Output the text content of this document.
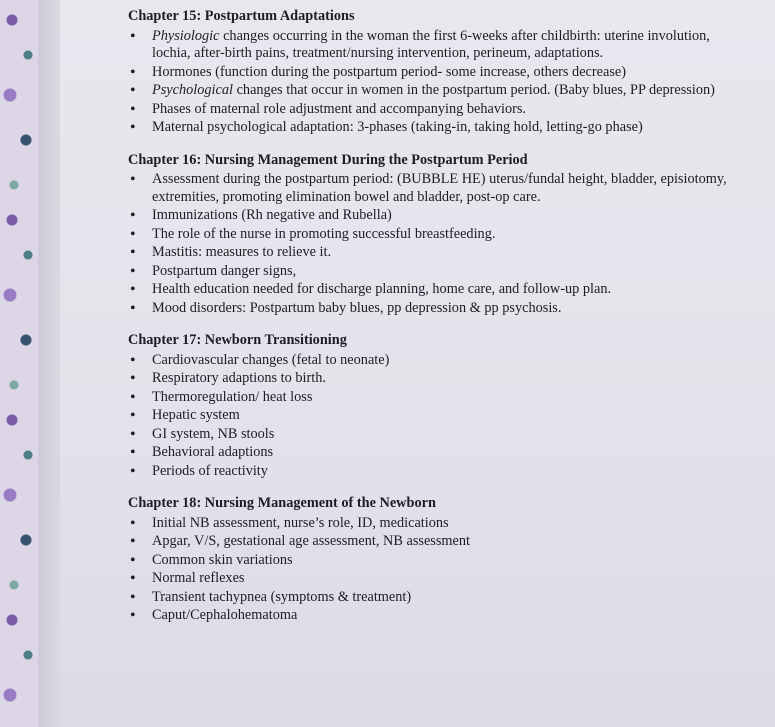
Chapter 15: Postpartum Adaptations
• Physiologic changes occurring in the woman the first 6-weeks after childbirth: uterine involution, lochia, after-birth pains, treatment/nursing intervention, perineum, adaptations.
• Hormones (function during the postpartum period- some increase, others decrease)
• Psychological changes that occur in women in the postpartum period. (Baby blues, PP depression)
• Phases of maternal role adjustment and accompanying behaviors.
• Maternal psychological adaptation: 3-phases (taking-in, taking hold, letting-go phase)
Chapter 16: Nursing Management During the Postpartum Period
• Assessment during the postpartum period: (BUBBLE HE) uterus/fundal height, bladder, episiotomy, extremities, promoting elimination bowel and bladder, post-op care.
• Immunizations (Rh negative and Rubella)
• The role of the nurse in promoting successful breastfeeding.
• Mastitis: measures to relieve it.
• Postpartum danger signs,
• Health education needed for discharge planning, home care, and follow-up plan.
• Mood disorders: Postpartum baby blues, pp depression & pp psychosis.
Chapter 17: Newborn Transitioning
• Cardiovascular changes (fetal to neonate)
• Respiratory adaptions to birth.
• Thermoregulation/ heat loss
• Hepatic system
• GI system, NB stools
• Behavioral adaptions
• Periods of reactivity
Chapter 18: Nursing Management of the Newborn
• Initial NB assessment, nurse’s role, ID, medications
• Apgar, V/S, gestational age assessment, NB assessment
• Common skin variations
• Normal reflexes
• Transient tachypnea (symptoms & treatment)
• Caput/Cephalohematoma
